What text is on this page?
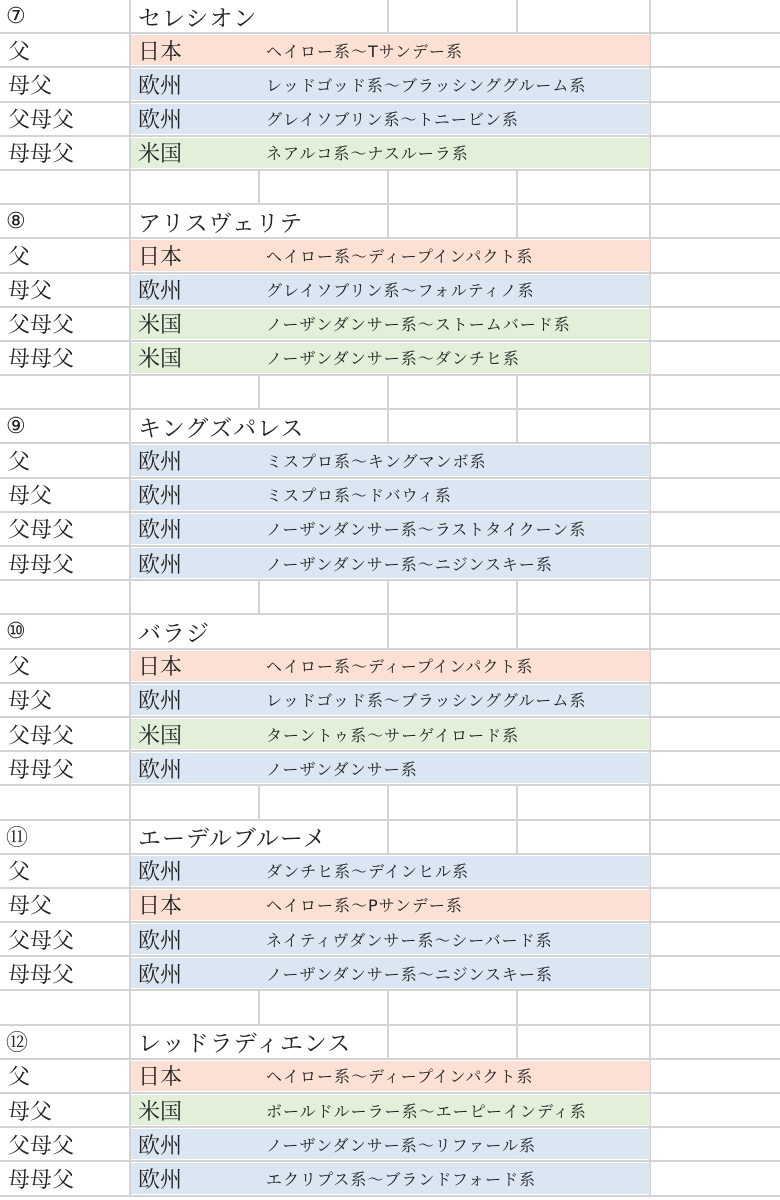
⑦	セレシオン
父	日本	ヘイロー系〜Tサンデー系
母父	欧州	レッドゴッド系〜ブラッシンググルーム系
父母父	欧州	グレイソブリン系〜トニービン系
母母父	米国	ネアルコ系〜ナスルーラ系
⑧	アリスヴェリテ
父	日本	ヘイロー系〜ディープインパクト系
母父	欧州	グレイソブリン系〜フォルティノ系
父母父	米国	ノーザンダンサー系〜ストームバード系
母母父	米国	ノーザンダンサー系〜ダンチヒ系
⑨	キングズパレス
父	欧州	ミスプロ系〜キングマンボ系
母父	欧州	ミスプロ系〜ドバウィ系
父母父	欧州	ノーザンダンサー系〜ラストタイクーン系
母母父	欧州	ノーザンダンサー系〜ニジンスキー系
⑩	バラジ
父	日本	ヘイロー系〜ディープインパクト系
母父	欧州	レッドゴッド系〜ブラッシンググルーム系
父母父	米国	ターントゥ系〜サーゲイロード系
母母父	欧州	ノーザンダンサー系
⑪	エーデルブルーメ
父	欧州	ダンチヒ系〜デインヒル系
母父	日本	ヘイロー系〜Pサンデー系
父母父	欧州	ネイティヴダンサー系〜シーバード系
母母父	欧州	ノーザンダンサー系〜ニジンスキー系
⑫	レッドラディエンス
父	日本	ヘイロー系〜ディープインパクト系
母父	米国	ボールドルーラー系〜エーピーインディ系
父母父	欧州	ノーザンダンサー系〜リファール系
母母父	欧州	エクリプス系〜ブランドフォード系
